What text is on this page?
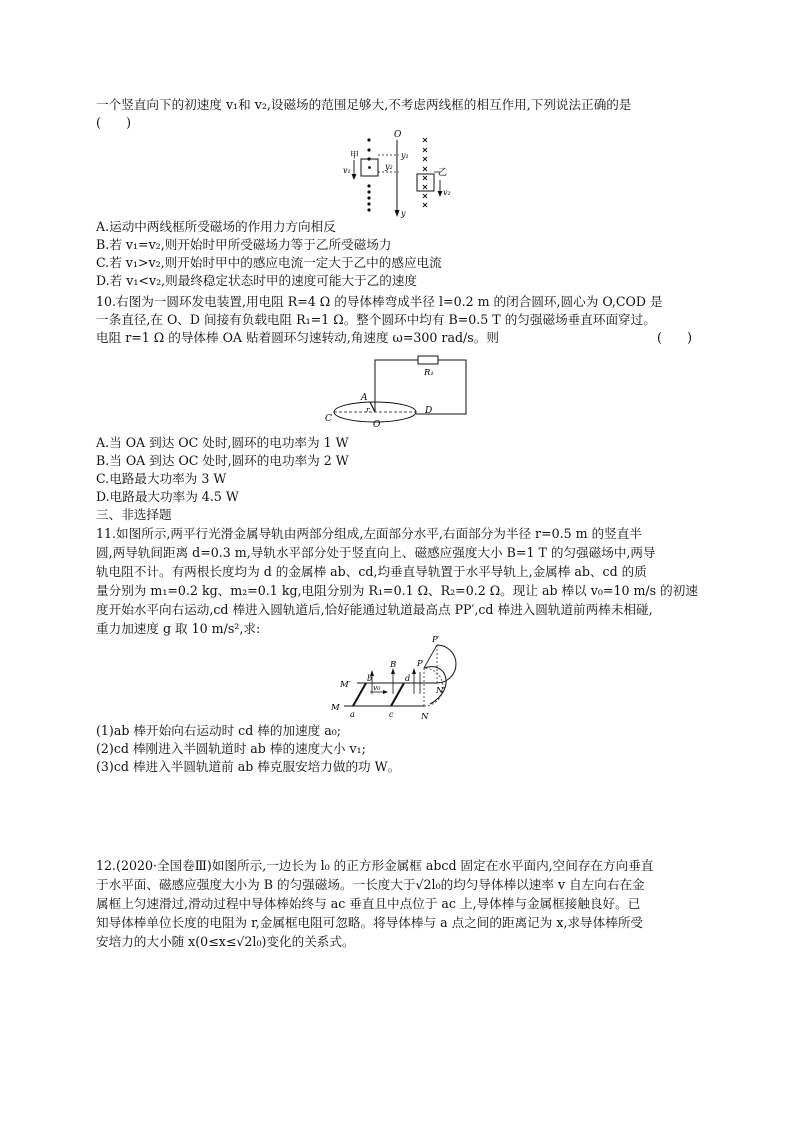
一个竖直向下的初速度 v₁和 v₂,设磁场的范围足够大,不考虑两线框的相互作用,下列说法正确的是
(　　)
甲
v₁
y₁
y₂
O
y
乙
v₂
A.运动中两线框所受磁场的作用力方向相反
B.若 v₁=v₂,则开始时甲所受磁场力等于乙所受磁场力
C.若 v₁>v₂,则开始时甲中的感应电流一定大于乙中的感应电流
D.若 v₁<v₂,则最终稳定状态时甲的速度可能大于乙的速度
10.右图为一圆环发电装置,用电阻 R=4 Ω 的导体棒弯成半径 l=0.2 m 的闭合圆环,圆心为 O,COD 是
一条直径,在 O、D 间接有负载电阻 R₁=1 Ω。整个圆环中均有 B=0.5 T 的匀强磁场垂直环面穿过。
电阻 r=1 Ω 的导体棒 OA 贴着圆环匀速转动,角速度 ω=300 rad/s。则	(　　)
R₁
A
r
C
O
D
A.当 OA 到达 OC 处时,圆环的电功率为 1 W
B.当 OA 到达 OC 处时,圆环的电功率为 2 W
C.电路最大功率为 3 W
D.电路最大功率为 4.5 W
三、非选择题
11.如图所示,两平行光滑金属导轨由两部分组成,左面部分水平,右面部分为半径 r=0.5 m 的竖直半
圆,两导轨间距离 d=0.3 m,导轨水平部分处于竖直向上、磁感应强度大小 B=1 T 的匀强磁场中,两导
轨电阻不计。有两根长度均为 d 的金属棒 ab、cd,均垂直导轨置于水平导轨上,金属棒 ab、cd 的质
量分别为 m₁=0.2 kg、m₂=0.1 kg,电阻分别为 R₁=0.1 Ω、R₂=0.2 Ω。现让 ab 棒以 v₀=10 m/s 的初速
度开始水平向右运动,cd 棒进入圆轨道后,恰好能通过轨道最高点 PP′,cd 棒进入圆轨道前两棒未相碰,
重力加速度 g 取 10 m/s²,求:
P′
P
B
M′
M
b	d
v₀
a	c	N
N′
(1)ab 棒开始向右运动时 cd 棒的加速度 a₀;
(2)cd 棒刚进入半圆轨道时 ab 棒的速度大小 v₁;
(3)cd 棒进入半圆轨道前 ab 棒克服安培力做的功 W。
12.(2020·全国卷Ⅲ)如图所示,一边长为 l₀ 的正方形金属框 abcd 固定在水平面内,空间存在方向垂直
于水平面、磁感应强度大小为 B 的匀强磁场。一长度大于√2l₀的均匀导体棒以速率 v 自左向右在金
属框上匀速滑过,滑动过程中导体棒始终与 ac 垂直且中点位于 ac 上,导体棒与金属框接触良好。已
知导体棒单位长度的电阻为 r,金属框电阻可忽略。将导体棒与 a 点之间的距离记为 x,求导体棒所受
安培力的大小随 x(0≤x≤√2l₀)变化的关系式。
